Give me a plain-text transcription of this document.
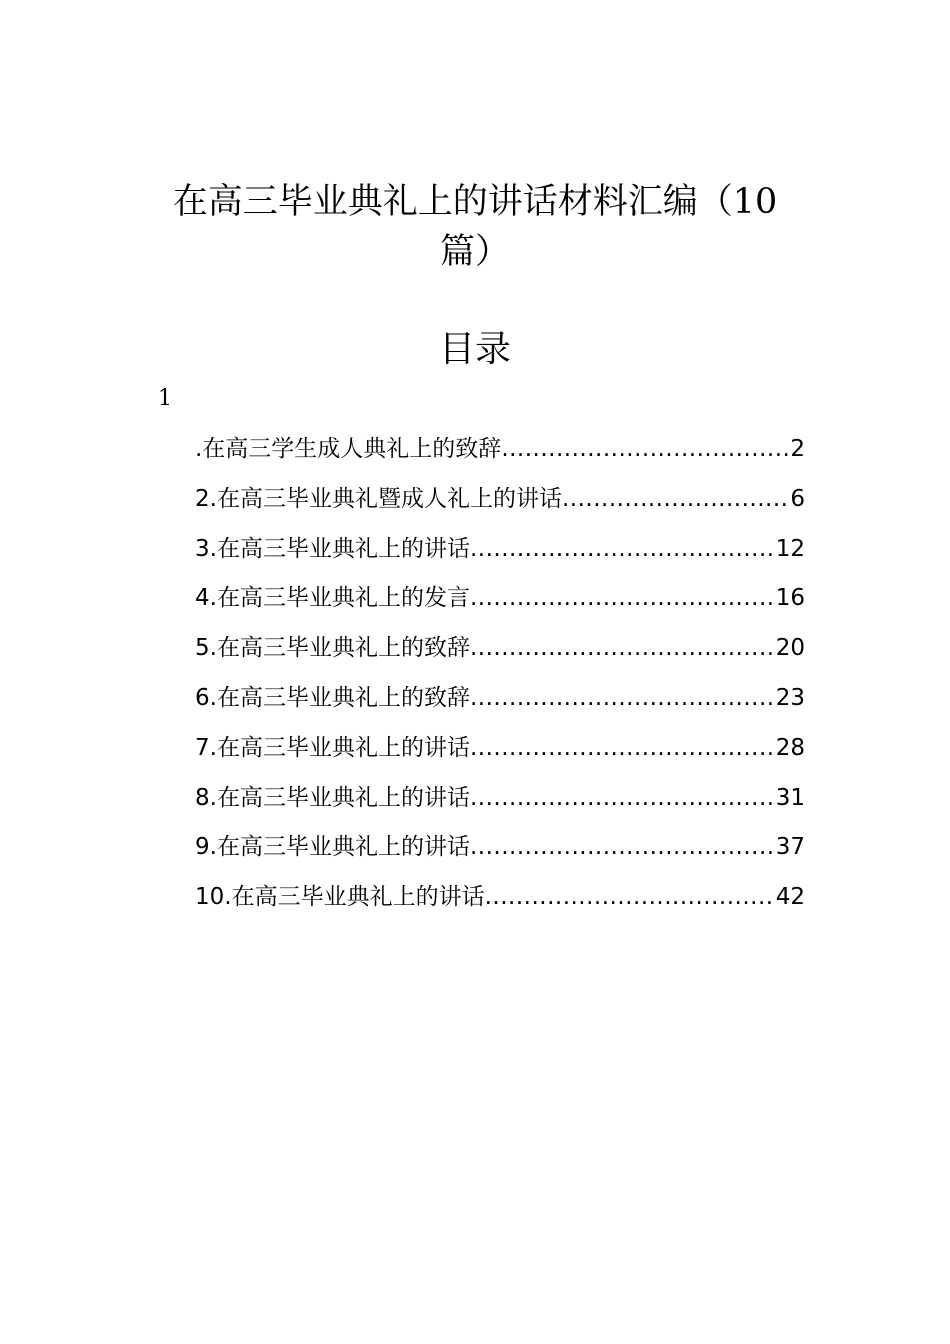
在高三毕业典礼上的讲话材料汇编（10
篇）
目录
1
.在高三学生成人典礼上的致辞 .....	2
2.在高三毕业典礼暨成人礼上的讲话 .....	6
3.在高三毕业典礼上的讲话 .....	12
4.在高三毕业典礼上的发言 .....	16
5.在高三毕业典礼上的致辞 .....	20
6.在高三毕业典礼上的致辞 .....	23
7.在高三毕业典礼上的讲话 .....	28
8.在高三毕业典礼上的讲话 .....	31
9.在高三毕业典礼上的讲话 .....	37
10.在高三毕业典礼上的讲话 .....	42
